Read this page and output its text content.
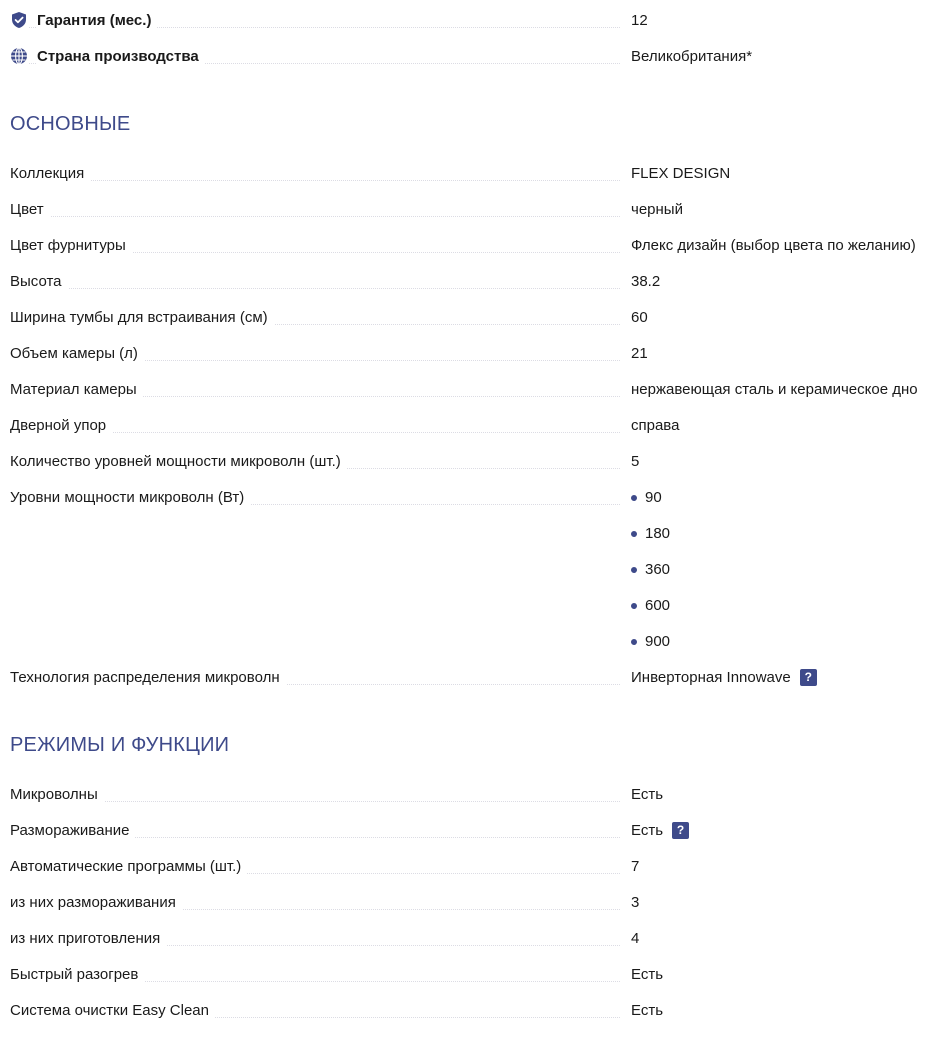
Гарантия (мес.)	12
Страна производства	Великобритания*
ОСНОВНЫЕ
Коллекция	FLEX DESIGN
Цвет	черный
Цвет фурнитуры	Флекс дизайн (выбор цвета по желанию)
Высота	38.2
Ширина тумбы для встраивания (см)	60
Объем камеры (л)	21
Материал камеры	нержавеющая сталь и керамическое дно
Дверной упор	справа
Количество уровней мощности микроволн (шт.)	5
Уровни мощности микроволн (Вт)	90
180
360
600
900
Технология распределения микроволн	Инверторная Innowave	?
РЕЖИМЫ И ФУНКЦИИ
Микроволны	Есть
Размораживание	Есть	?
Автоматические программы (шт.)	7
из них размораживания	3
из них приготовления	4
Быстрый разогрев	Есть
Система очистки Easy Clean	Есть
